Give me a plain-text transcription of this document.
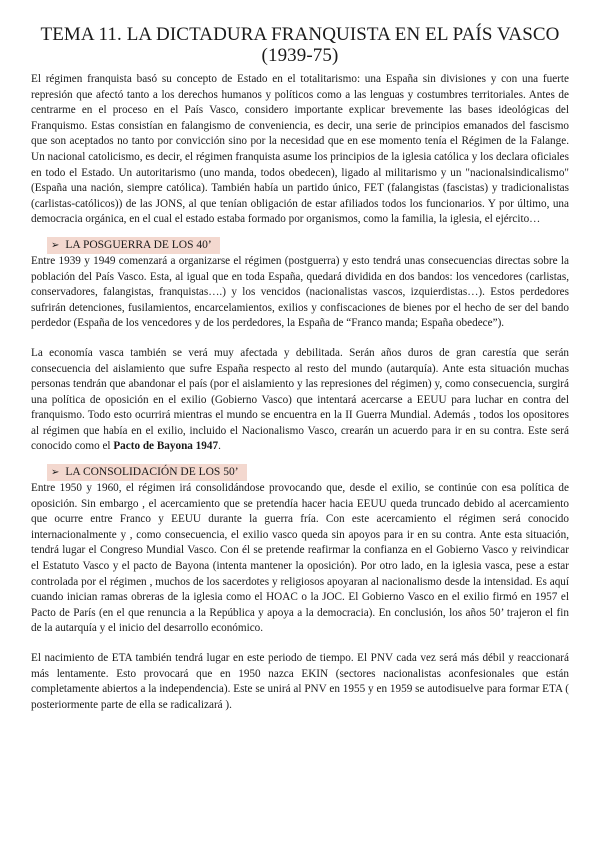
TEMA 11. LA DICTADURA FRANQUISTA EN EL PAÍS VASCO
(1939-75)

El régimen franquista basó su concepto de Estado en el totalitarismo: una España sin divisiones y con una fuerte represión que afectó tanto a los derechos humanos y políticos como a las lenguas y costumbres territoriales. Antes de centrarme en el proceso en el País Vasco, considero importante explicar brevemente las bases ideológicas del Franquismo. Estas consistían en falangismo de conveniencia, es decir, una serie de principios emanados del fascismo que son aceptados no tanto por convicción sino por la necesidad que en ese momento tenía el Régimen de la Falange. Un nacional catolicismo, es decir, el régimen franquista asume los principios de la iglesia católica y los declara oficiales en todo el Estado. Un autoritarismo (uno manda, todos obedecen), ligado al militarismo y un "nacionalsindicalismo" (España una nación, siempre católica). También había un partido único, FET (falangistas (fascistas) y tradicionalistas (carlistas-católicos)) de las JONS, al que tenían obligación de estar afiliados todos los funcionarios. Y por último, una democracia orgánica, en el cual el estado estaba formado por organismos, como la familia, la iglesia, el ejército…

➢ LA POSGUERRA DE LOS 40’

Entre 1939 y 1949 comenzará a organizarse el régimen (postguerra) y esto tendrá unas consecuencias directas sobre la población del País Vasco. Esta, al igual que en toda España, quedará dividida en dos bandos: los vencedores (carlistas, conservadores, falangistas, franquistas….) y los vencidos (nacionalistas vascos, izquierdistas…). Estos perdedores sufrirán detenciones, fusilamientos, encarcelamientos, exilios y confiscaciones de bienes por el hecho de ser del bando perdedor (España de los vencedores y de los perdedores, la España de “Franco manda; España obedece”).

La economía vasca también se verá muy afectada y debilitada. Serán años duros de gran carestía que serán consecuencia del aislamiento que sufre España respecto al resto del mundo (autarquía). Ante esta situación muchas personas tendrán que abandonar el país (por el aislamiento y las represiones del régimen) y, como consecuencia, surgirá una política de oposición en el exilio (Gobierno Vasco) que intentará acercarse a EEUU para luchar en contra del franquismo. Todo esto ocurrirá mientras el mundo se encuentra en la II Guerra Mundial. Además , todos los opositores al régimen que había en el exilio, incluido el Nacionalismo Vasco, crearán un acuerdo para ir en su contra. Este será conocido como el Pacto de Bayona 1947.

➢ LA CONSOLIDACIÓN DE LOS 50’

Entre 1950 y 1960, el régimen irá consolidándose provocando que, desde el exilio, se continúe con esa política de oposición. Sin embargo , el acercamiento que se pretendía hacer hacia EEUU queda truncado debido al acercamiento que ocurre entre Franco y EEUU durante la guerra fría. Con este acercamiento el régimen será conocido internacionalmente y , como consecuencia, el exilio vasco queda sin apoyos para ir en su contra. Ante esta situación, tendrá lugar el Congreso Mundial Vasco. Con él se pretende reafirmar la confianza en el Gobierno Vasco y reivindicar el Estatuto Vasco y el pacto de Bayona (intenta mantener la oposición). Por otro lado, en la iglesia vasca, pese a estar controlada por el régimen , muchos de los sacerdotes y religiosos apoyaran al nacionalismo desde la intensidad. Es aquí cuando inician ramas obreras de la iglesia como el HOAC o la JOC. El Gobierno Vasco en el exilio firmó en 1957 el Pacto de París (en el que renuncia a la República y apoya a la democracia). En conclusión, los años 50’ trajeron el fin de la autarquía y el inicio del desarrollo económico.

El nacimiento de ETA también tendrá lugar en este periodo de tiempo. El PNV cada vez será más débil y reaccionará más lentamente. Esto provocará que en 1950 nazca EKIN (sectores nacionalistas aconfesionales que están completamente abiertos a la independencia). Este se unirá al PNV en 1955 y en 1959 se autodisuelve para formar ETA ( posteriormente parte de ella se radicalizará ).
